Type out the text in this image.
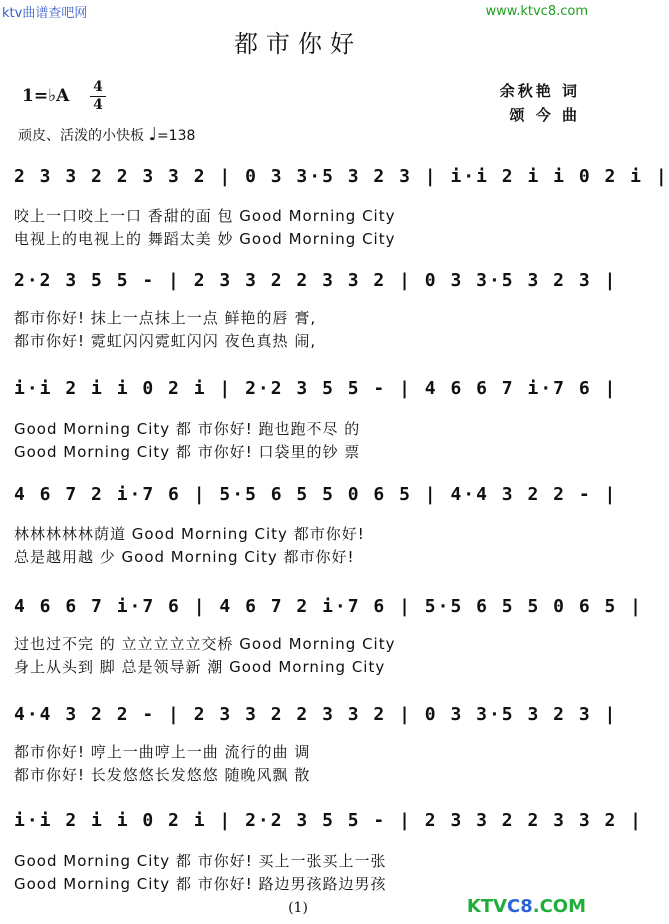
ktv曲谱查吧网	www.ktvc8.com
都市你好
1=♭A 4
4
余秋艳 词
颂 今 曲
顽皮、活泼的小快板 ♩=138
2 3 3 2 2 3 3 2 | 0 3 3·5 3 2 3 | i·i 2 i i 0 2 i |
咬上一口咬上一口 香甜的面 包 Good Morning City
电视上的电视上的 舞蹈太美 妙 Good Morning City
2·2 3 5 5 - | 2 3 3 2 2 3 3 2 | 0 3 3·5 3 2 3 |
都市你好! 抹上一点抹上一点 鲜艳的唇 膏,
都市你好! 霓虹闪闪霓虹闪闪 夜色真热 闹,
i·i 2 i i 0 2 i | 2·2 3 5 5 - | 4 6 6 7 i·7 6 |
Good Morning City 都 市你好! 跑也跑不尽 的
Good Morning City 都 市你好! 口袋里的钞 票
4 6 7 2 i·7 6 | 5·5 6 5 5 0 6 5 | 4·4 3 2 2 - |
林林林林林荫道 Good Morning City 都市你好!
总是越用越 少 Good Morning City 都市你好!
4 6 6 7 i·7 6 | 4 6 7 2 i·7 6 | 5·5 6 5 5 0 6 5 |
过也过不完 的 立立立立立交桥 Good Morning City
身上从头到 脚 总是领导新 潮 Good Morning City
4·4 3 2 2 - | 2 3 3 2 2 3 3 2 | 0 3 3·5 3 2 3 |
都市你好! 哼上一曲哼上一曲 流行的曲 调
都市你好! 长发悠悠长发悠悠 随晚风飘 散
i·i 2 i i 0 2 i | 2·2 3 5 5 - | 2 3 3 2 2 3 3 2 |
Good Morning City 都 市你好! 买上一张买上一张
Good Morning City 都 市你好! 路边男孩路边男孩
(1)	KTVC8.COM
